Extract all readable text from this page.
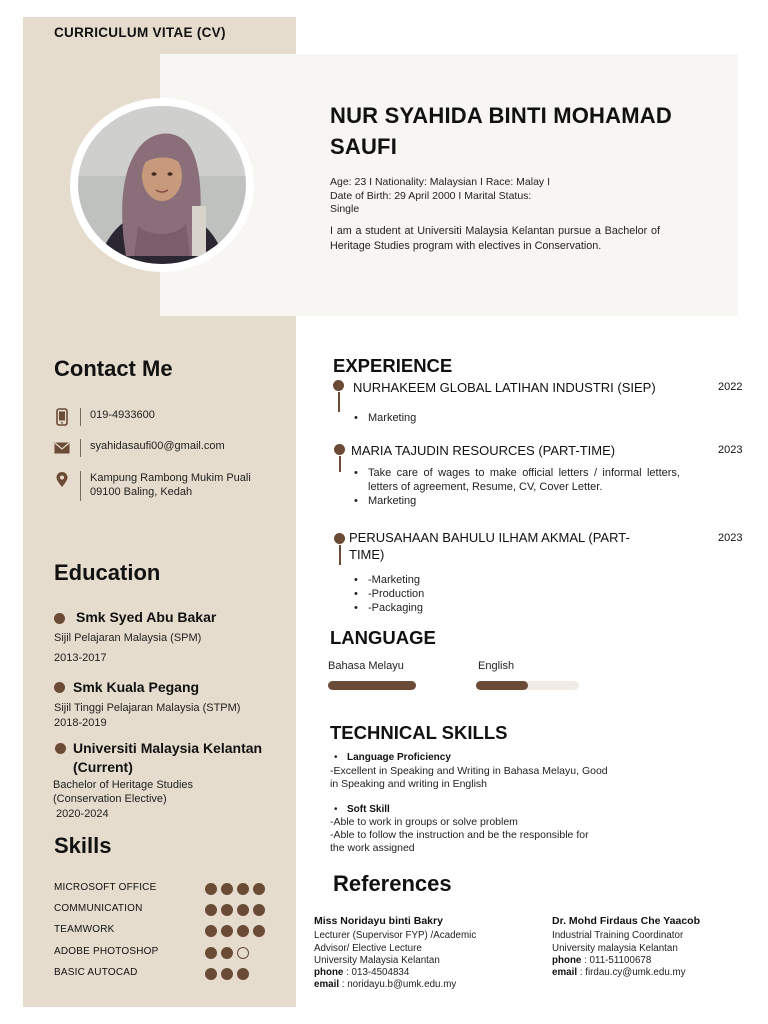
CURRICULUM VITAE (CV)
NUR SYAHIDA BINTI MOHAMAD SAUFI
Age: 23 I Nationality: Malaysian I Race: Malay I
Date of Birth: 29 April 2000 I Marital Status:
Single
I am a student at Universiti Malaysia Kelantan pursue a Bachelor of Heritage Studies program with electives in Conservation.
Contact Me
019-4933600
syahidasaufi00@gmail.com
Kampung Rambong Mukim Puali
09100 Baling, Kedah
Education
Smk Syed Abu Bakar
Sijil Pelajaran Malaysia (SPM)
2013-2017
Smk Kuala Pegang
Sijil Tinggi Pelajaran Malaysia (STPM)
2018-2019
Universiti Malaysia Kelantan
(Current)
Bachelor of Heritage Studies
(Conservation Elective)
2020-2024
Skills
MICROSOFT OFFICE
COMMUNICATION
TEAMWORK
ADOBE PHOTOSHOP
BASIC AUTOCAD
EXPERIENCE
NURHAKEEM GLOBAL LATIHAN INDUSTRI (SIEP)	2022
• Marketing
MARIA TAJUDIN RESOURCES (PART-TIME)	2023
• Take care of wages to make official letters / informal letters, letters of agreement, Resume, CV, Cover Letter.
• Marketing
PERUSAHAAN BAHULU ILHAM AKMAL (PART-
TIME)
2023
• -Marketing
• -Production
• -Packaging
LANGUAGE
Bahasa Melayu	English
TECHNICAL SKILLS
• Language Proficiency
-Excellent in Speaking and Writing in Bahasa Melayu, Good
in Speaking and writing in English
• Soft Skill
-Able to work in groups or solve problem
-Able to follow the instruction and be the responsible for
the work assigned
References
Miss Noridayu binti Bakry
Lecturer (Supervisor FYP) /Academic
Advisor/ Elective Lecture
University Malaysia Kelantan
phone : 013-4504834
email : noridayu.b@umk.edu.my
Dr. Mohd Firdaus Che Yaacob
Industrial Training Coordinator
University malaysia Kelantan
phone : 011-51100678
email : firdau.cy@umk.edu.my
